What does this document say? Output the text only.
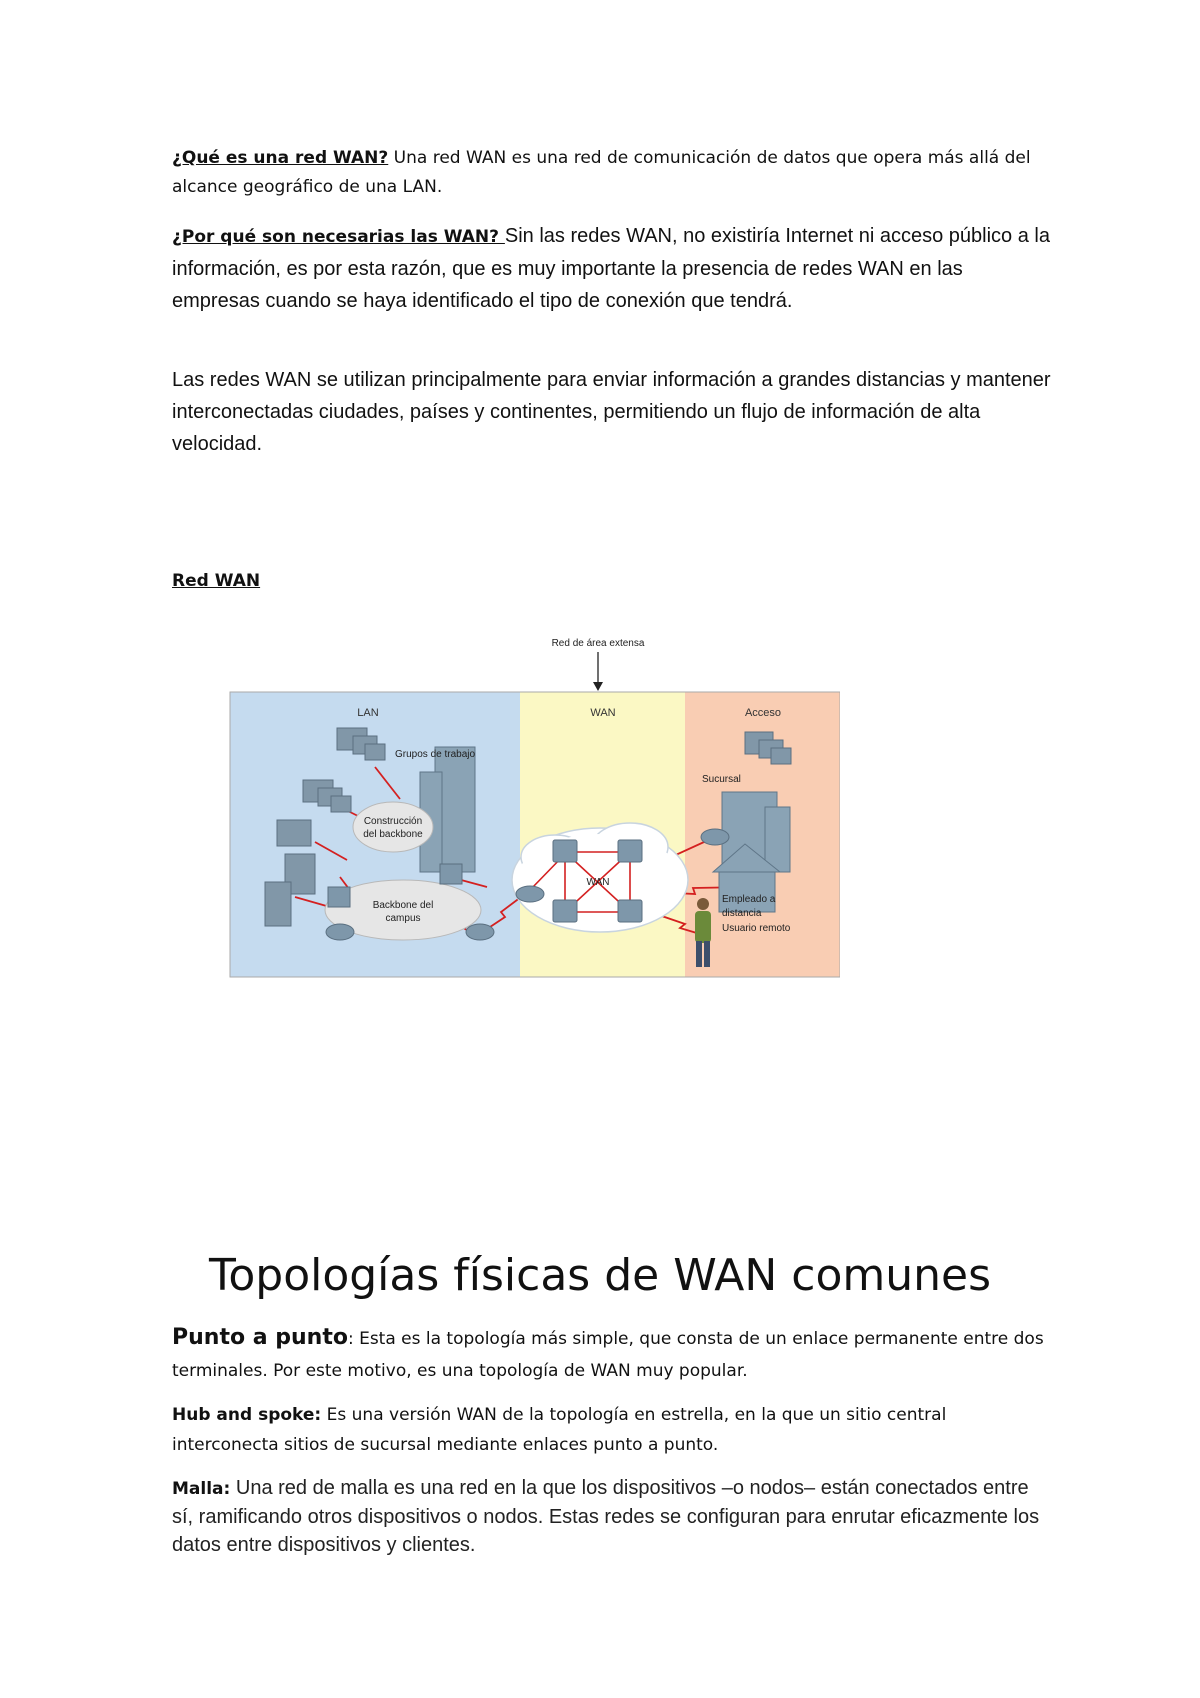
¿Qué es una red WAN? Una red WAN es una red de comunicación de datos que opera más allá del alcance geográfico de una LAN.

¿Por qué son necesarias las WAN? Sin las redes WAN, no existiría Internet ni acceso público a la información, es por esta razón, que es muy importante la presencia de redes WAN en las empresas cuando se haya identificado el tipo de conexión que tendrá.

Las redes WAN se utilizan principalmente para enviar información a grandes distancias y mantener interconectadas ciudades, países y continentes, permitiendo un flujo de información de alta velocidad.

Red WAN

Red de área extensa
LAN	WAN	Acceso
WAN
Grupos de trabajo
Construcción
del backbone
Backbone del
campus
Sucursal
Empleado a
distancia
Usuario remoto
Topologías físicas de WAN comunes

Punto a punto: Esta es la topología más simple, que consta de un enlace permanente entre dos terminales. Por este motivo, es una topología de WAN muy popular.

Hub and spoke: Es una versión WAN de la topología en estrella, en la que un sitio central interconecta sitios de sucursal mediante enlaces punto a punto.

Malla: Una red de malla es una red en la que los dispositivos –o nodos– están conectados entre sí, ramificando otros dispositivos o nodos. Estas redes se configuran para enrutar eficazmente los datos entre dispositivos y clientes.
